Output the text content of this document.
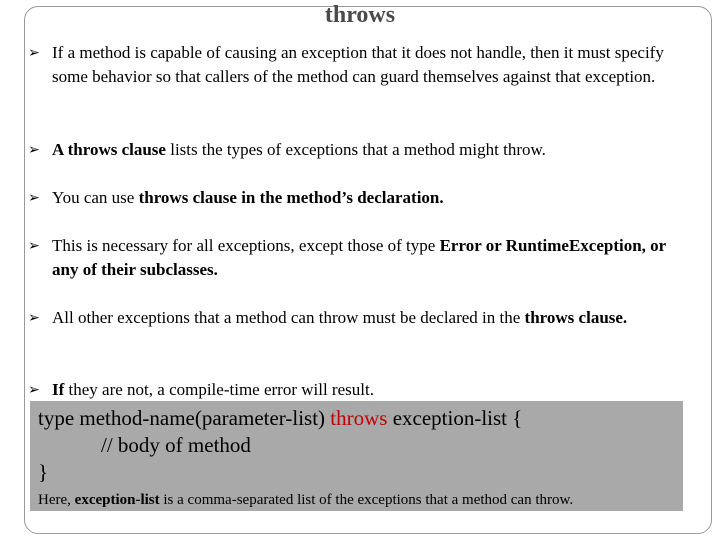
throws
➢ If a method is capable of causing an exception that it does not handle, then it must specify some behavior so that callers of the method can guard themselves against that exception.
➢ A throws clause lists the types of exceptions that a method might throw.
➢ You can use throws clause in the method’s declaration.
➢ This is necessary for all exceptions, except those of type Error or RuntimeException, or any of their subclasses.
➢ All other exceptions that a method can throw must be declared in the throws clause.
➢ If they are not, a compile-time error will result.
type method-name(parameter-list) throws exception-list {
// body of method
}
Here, exception-list is a comma-separated list of the exceptions that a method can throw.
